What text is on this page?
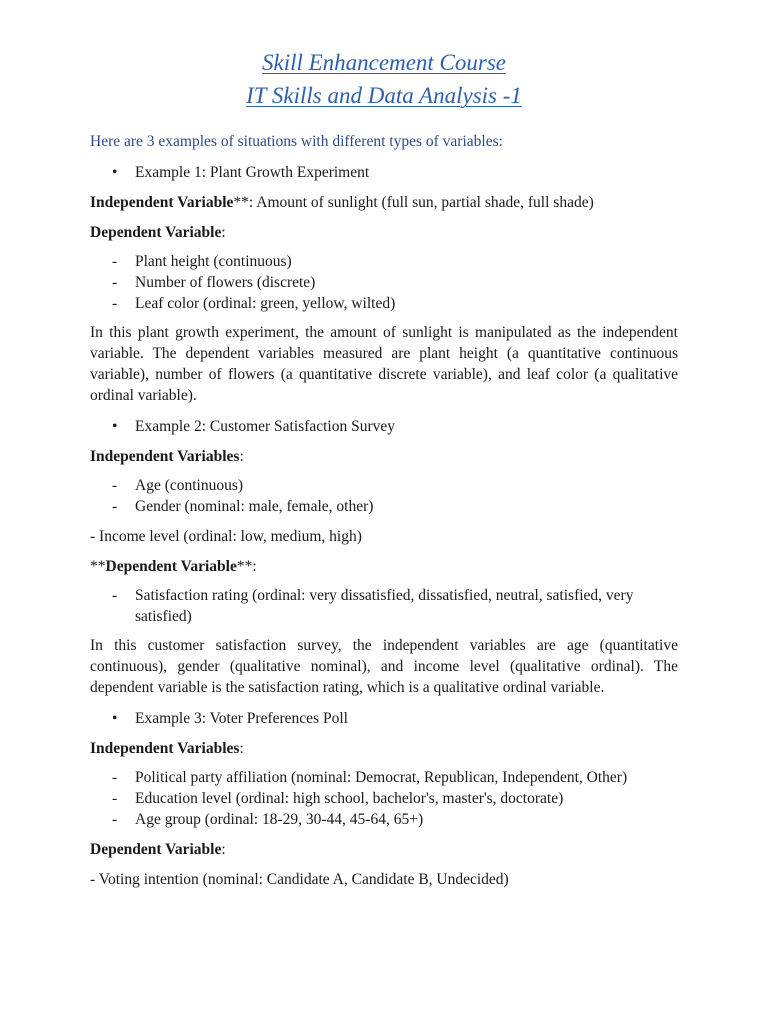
Skill Enhancement Course
IT Skills and Data Analysis -1

Here are 3 examples of situations with different types of variables:

• Example 1: Plant Growth Experiment

Independent Variable**: Amount of sunlight (full sun, partial shade, full shade)

Dependent Variable:

- Plant height (continuous)
- Number of flowers (discrete)
- Leaf color (ordinal: green, yellow, wilted)

In this plant growth experiment, the amount of sunlight is manipulated as the independent variable. The dependent variables measured are plant height (a quantitative continuous variable), number of flowers (a quantitative discrete variable), and leaf color (a qualitative ordinal variable).

• Example 2: Customer Satisfaction Survey

Independent Variables:

- Age (continuous)
- Gender (nominal: male, female, other)

- Income level (ordinal: low, medium, high)

**Dependent Variable**:

- Satisfaction rating (ordinal: very dissatisfied, dissatisfied, neutral, satisfied, very satisfied)

In this customer satisfaction survey, the independent variables are age (quantitative continuous), gender (qualitative nominal), and income level (qualitative ordinal). The dependent variable is the satisfaction rating, which is a qualitative ordinal variable.

• Example 3: Voter Preferences Poll

Independent Variables:

- Political party affiliation (nominal: Democrat, Republican, Independent, Other)
- Education level (ordinal: high school, bachelor's, master's, doctorate)
- Age group (ordinal: 18-29, 30-44, 45-64, 65+)

Dependent Variable:

- Voting intention (nominal: Candidate A, Candidate B, Undecided)
